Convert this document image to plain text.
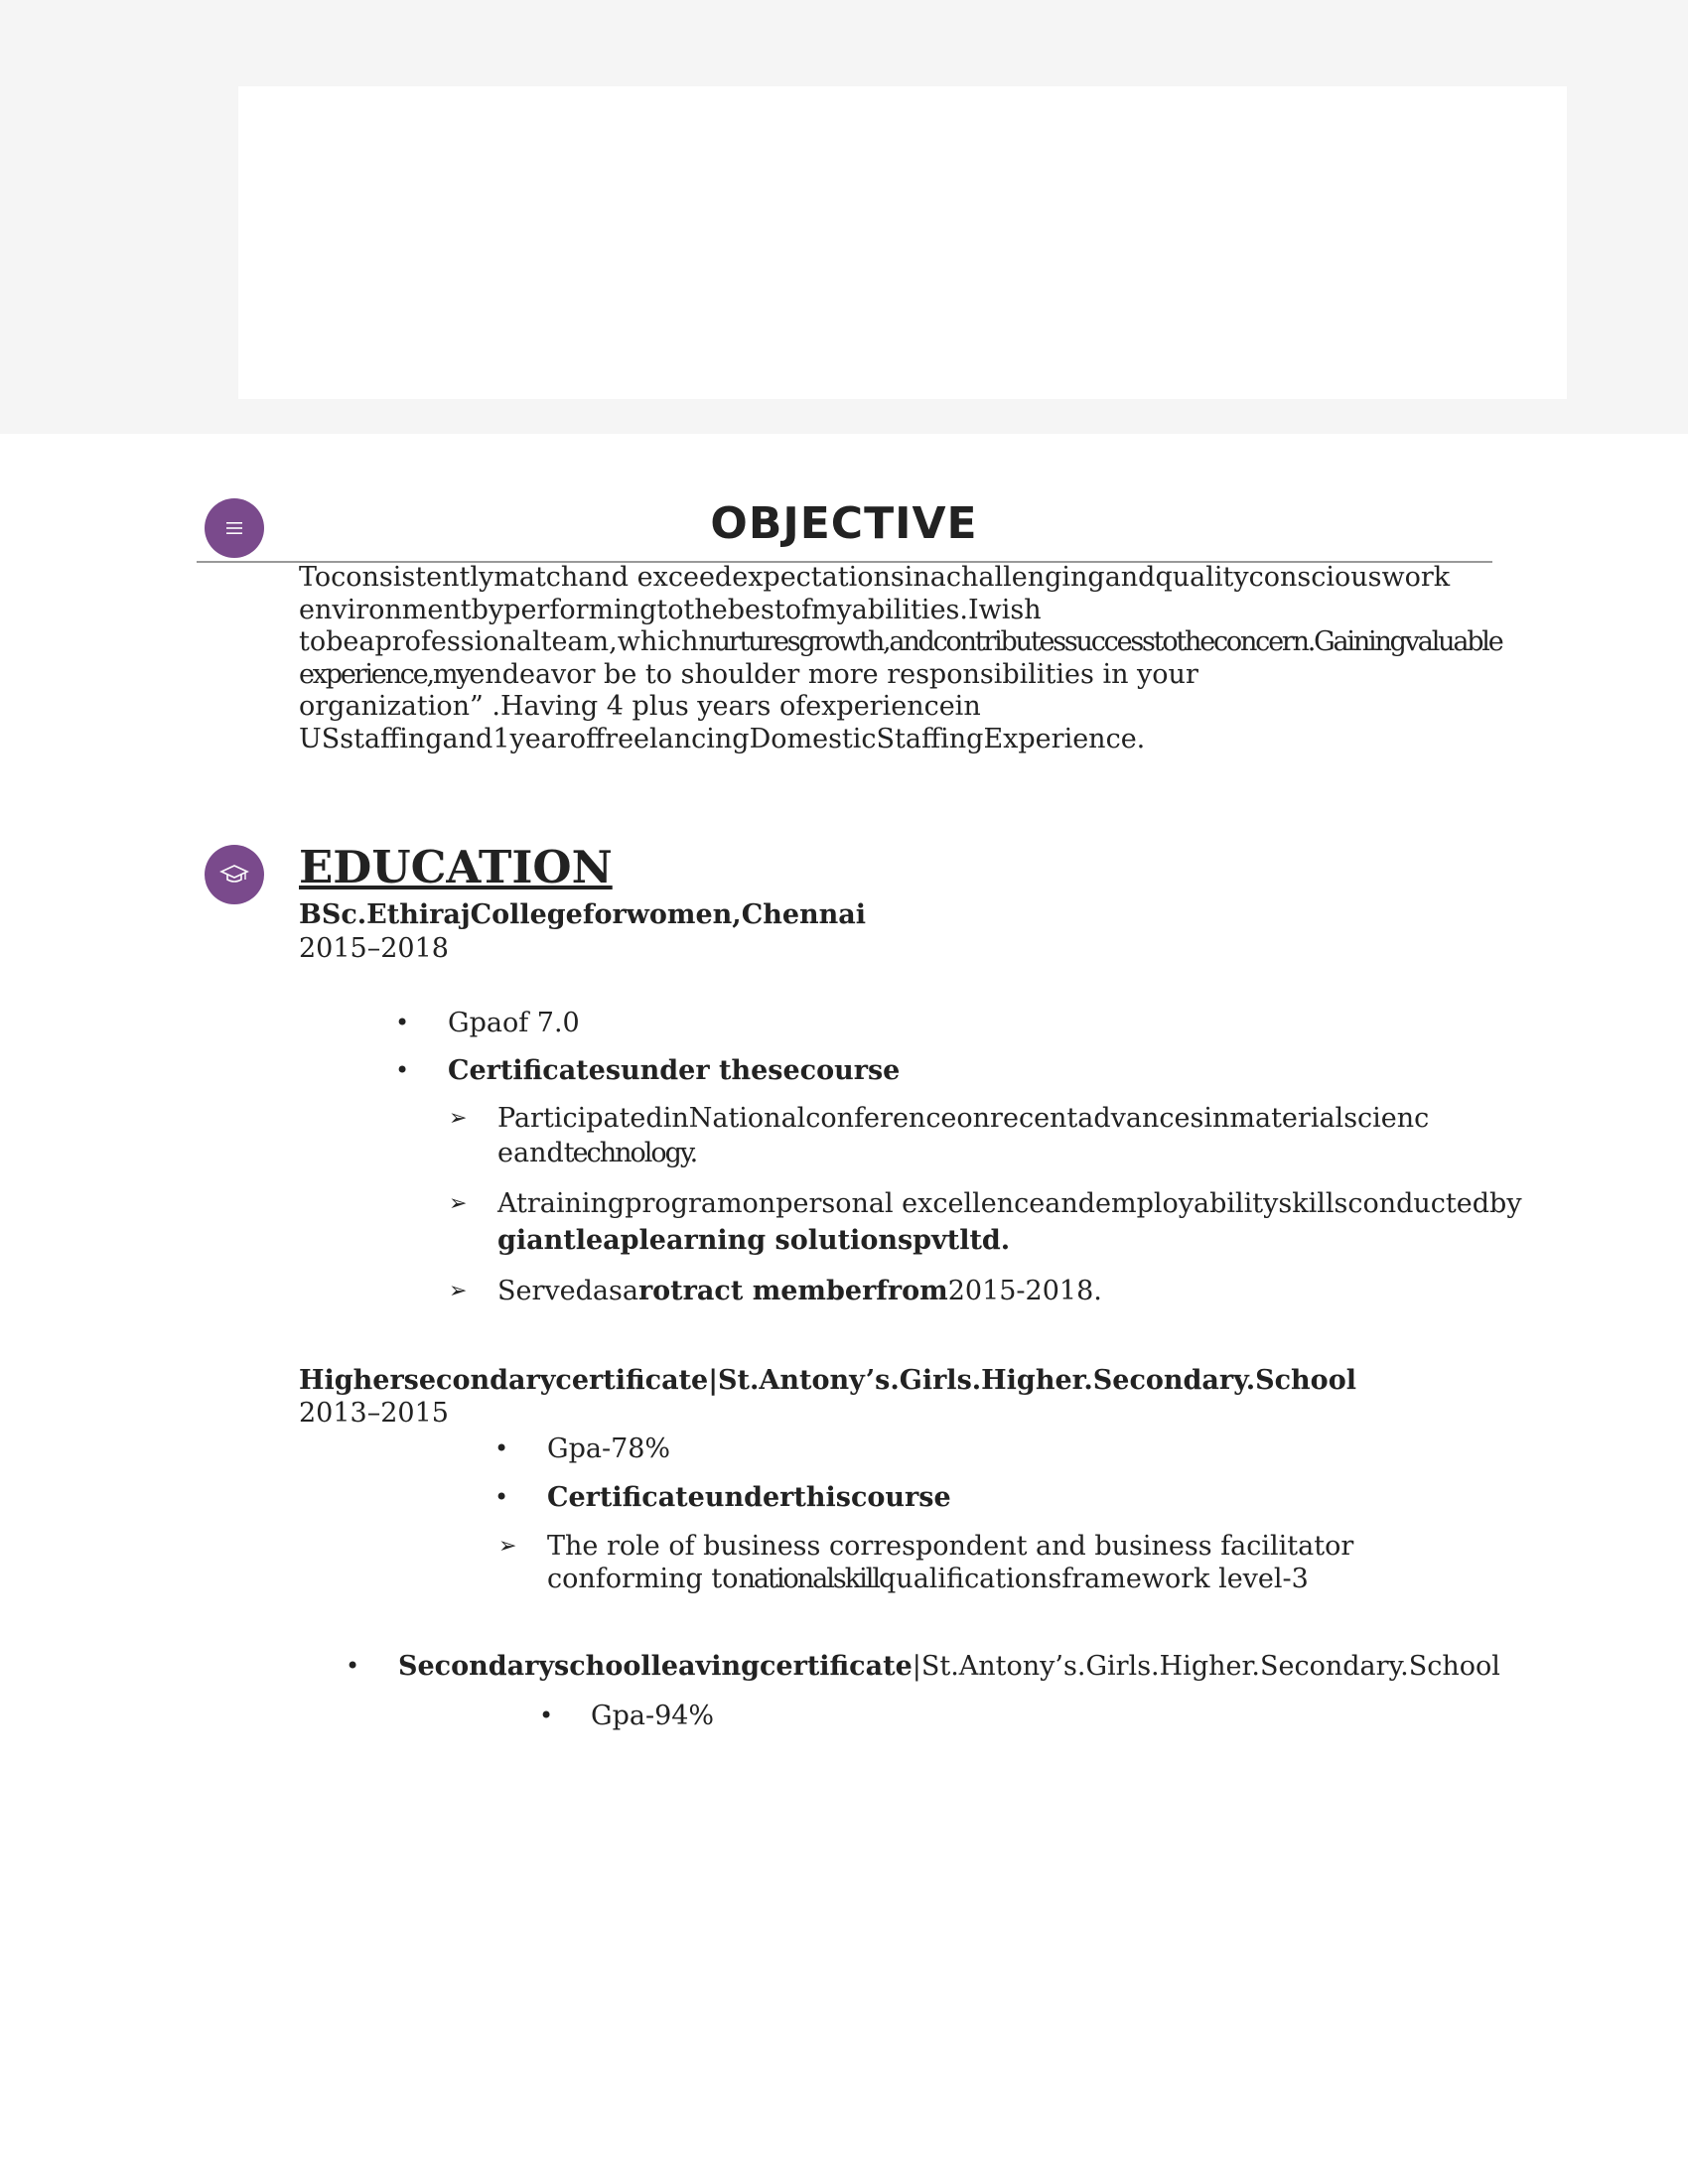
OBJECTIVE
Toconsistentlymatchand exceedexpectationsinachallengingandqualityconsciouswork
environmentbyperformingtothebestofmyabilities.Iwish
tobeaprofessionalteam,whichnurturesgrowth,andcontributessuccesstotheconcern.Gainingvaluable
experience,myendeavor be to shoulder more responsibilities in your
organization” .Having 4 plus years ofexperiencein
USstaffingand1yearoffreelancingDomesticStaffingExperience.
EDUCATION
BSc.EthirajCollegeforwomen,Chennai
2015–2018
• Gpaof 7.0
• Certificatesunder thesecourse
➢ ParticipatedinNationalconferenceonrecentadvancesinmaterialscienc
eandtechnology.
➢ Atrainingprogramonpersonal excellenceandemployabilityskillsconductedby
giantleaplearning solutionspvtltd.
➢ Servedasarotract memberfrom2015-2018.
Highersecondarycertificate|St.Antony’s.Girls.Higher.Secondary.School
2013–2015
• Gpa-78%
• Certificateunderthiscourse
➢ The role of business correspondent and business facilitator
conforming tonationalskillqualificationsframework level-3
• Secondaryschoolleavingcertificate|St.Antony’s.Girls.Higher.Secondary.School
• Gpa-94%
